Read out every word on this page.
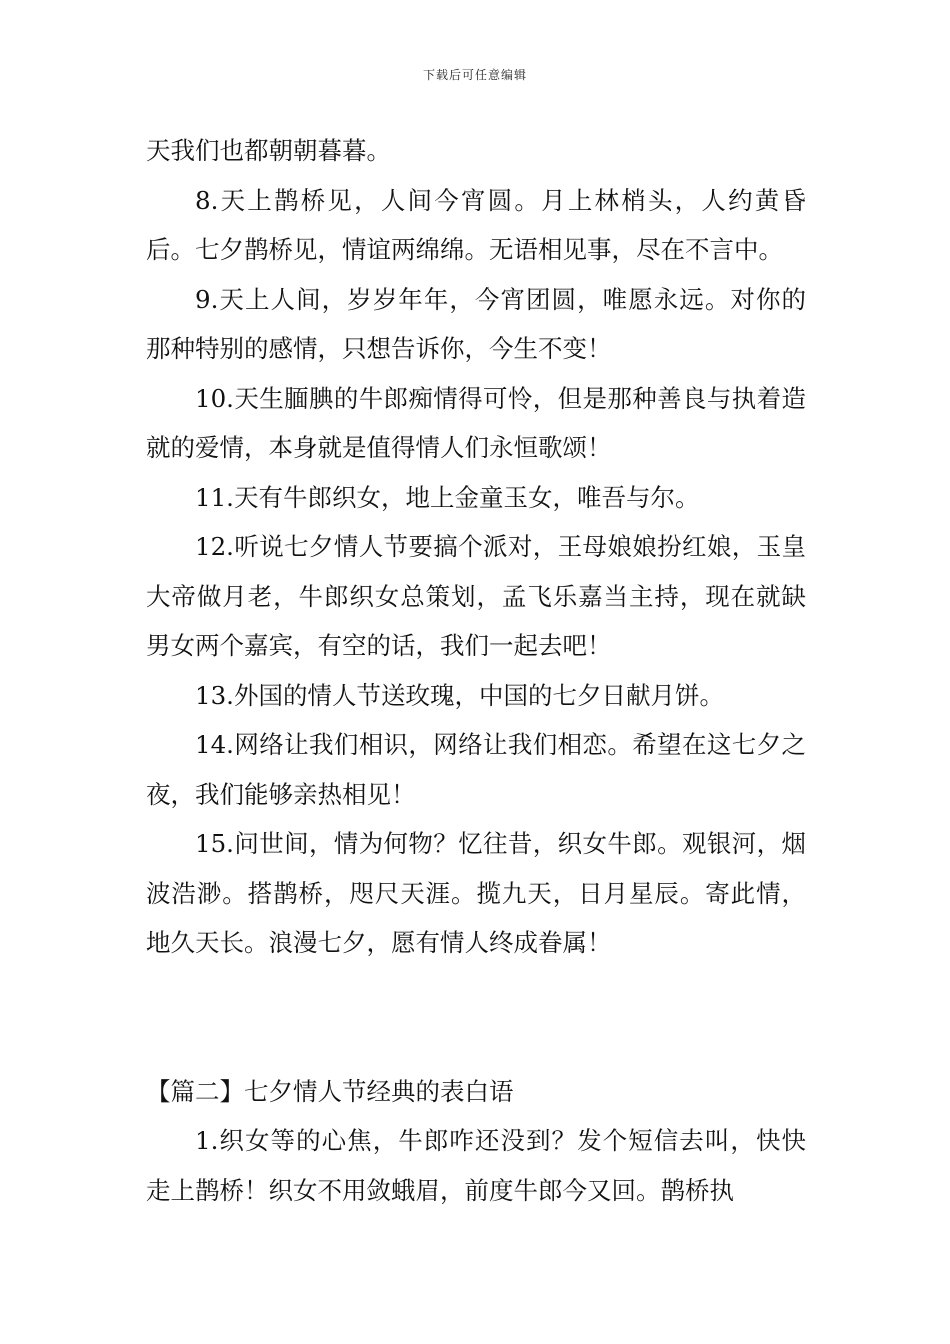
下载后可任意编辑

天我们也都朝朝暮暮。

8.天上鹊桥见，人间今宵圆。月上林梢头，人约黄昏后。七夕鹊桥见，情谊两绵绵。无语相见事，尽在不言中。

9.天上人间，岁岁年年，今宵团圆，唯愿永远。对你的那种特别的感情，只想告诉你，今生不变！

10.天生腼腆的牛郎痴情得可怜，但是那种善良与执着造就的爱情，本身就是值得情人们永恒歌颂！

11.天有牛郎织女，地上金童玉女，唯吾与尔。

12.听说七夕情人节要搞个派对，王母娘娘扮红娘，玉皇大帝做月老，牛郎织女总策划，孟飞乐嘉当主持，现在就缺男女两个嘉宾，有空的话，我们一起去吧！

13.外国的情人节送玫瑰，中国的七夕日献月饼。

14.网络让我们相识，网络让我们相恋。希望在这七夕之夜，我们能够亲热相见！

15.问世间，情为何物？忆往昔，织女牛郎。观银河，烟波浩渺。搭鹊桥，咫尺天涯。揽九天，日月星辰。寄此情，地久天长。浪漫七夕，愿有情人终成眷属！

【篇二】七夕情人节经典的表白语

1.织女等的心焦，牛郎咋还没到？发个短信去叫，快快走上鹊桥！织女不用敛蛾眉，前度牛郎今又回。鹊桥执
